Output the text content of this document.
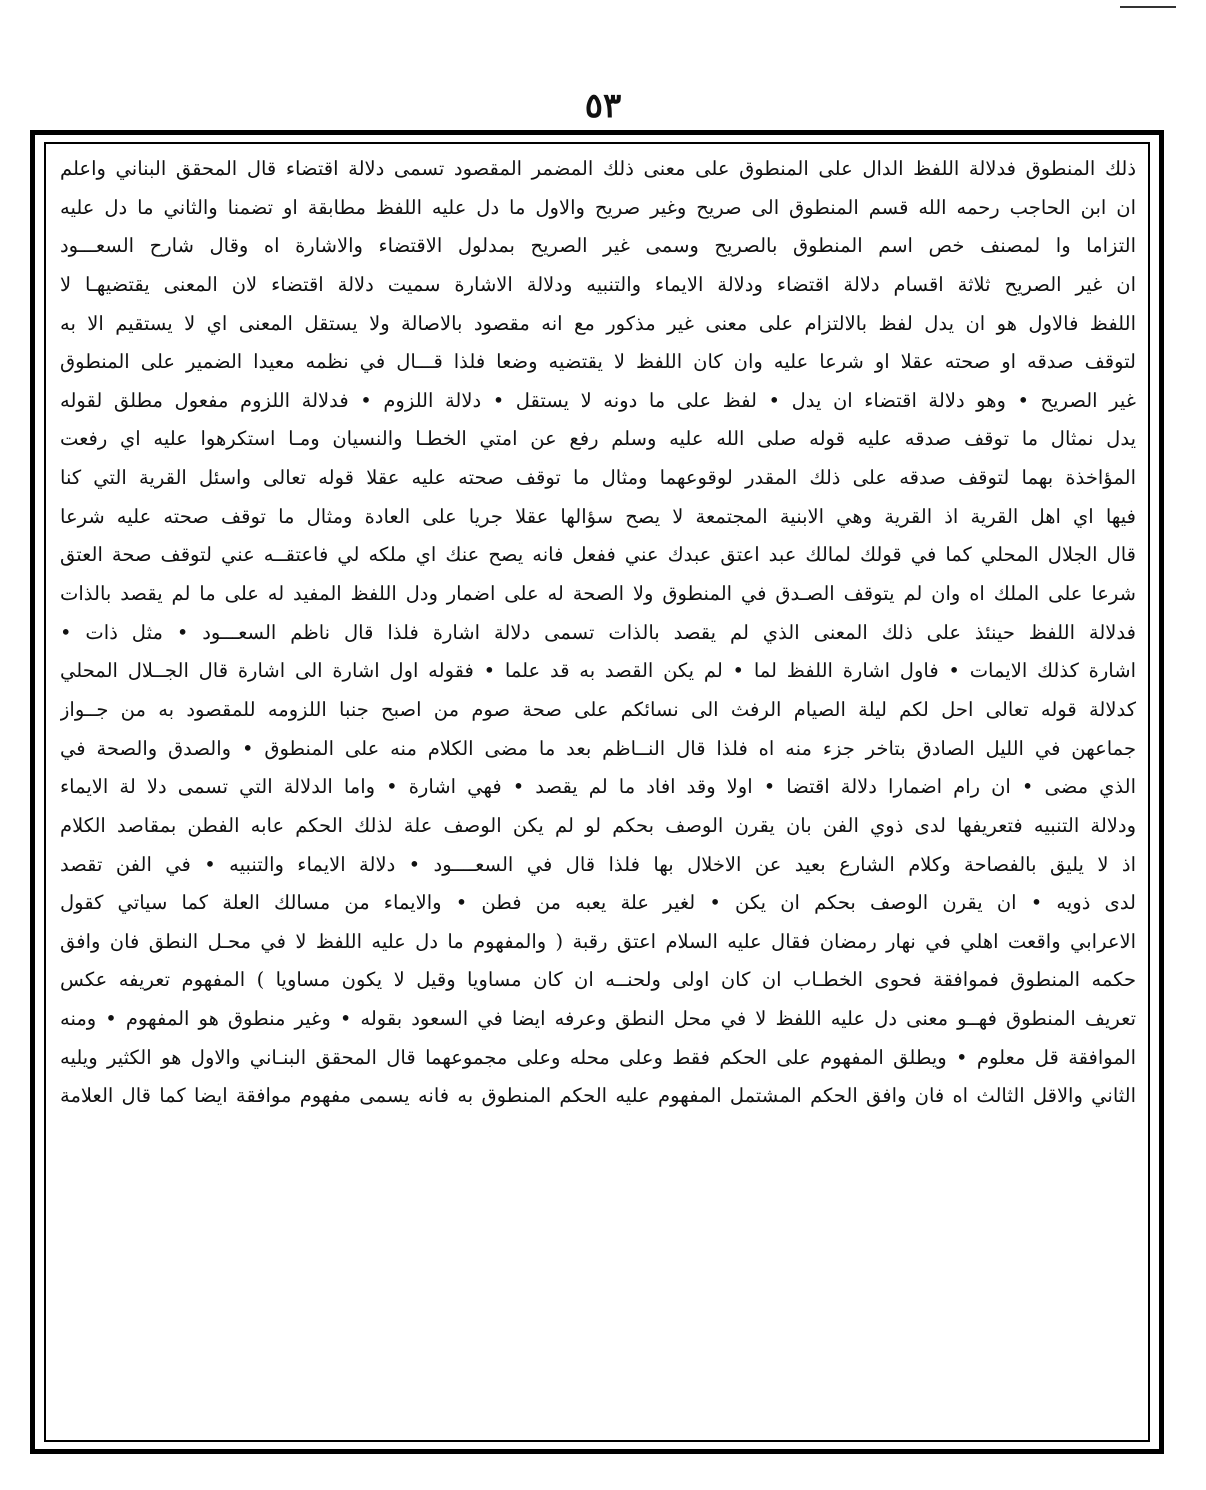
٥٣
ذلك المنطوق فدلالة اللفظ الدال على المنطوق على معنى ذلك المضمر المقصود تسمى دلالة اقتضاء قال المحقق البناني واعلم
ان ابن الحاجب رحمه الله قسم المنطوق الى صريح وغير صريح والاول ما دل عليه اللفظ مطابقة او تضمنا والثاني ما دل عليه
التزاما وا لمصنف خص اسم المنطوق بالصريح وسمى غير الصريح بمدلول الاقتضاء والاشارة اه وقال شارح السعـــود
ان غير الصريح ثلاثة اقسام دلالة اقتضاء ودلالة الايماء والتنبيه ودلالة الاشارة سميت دلالة اقتضاء لان المعنى يقتضيهـا لا
اللفظ فالاول هو ان يدل لفظ بالالتزام على معنى غير مذكور مع انه مقصود بالاصالة ولا يستقل المعنى اي لا يستقيم الا به
لتوقف صدقه او صحته عقلا او شرعا عليه وان كان اللفظ لا يقتضيه وضعا فلذا قـــال في نظمه معيدا الضمير على المنطوق
غير الصريح • وهو دلالة اقتضاء ان يدل • لفظ على ما دونه لا يستقل • دلالة اللزوم • فدلالة اللزوم مفعول مطلق لقوله
يدل نمثال ما توقف صدقه عليه قوله صلى الله عليه وسلم رفع عن امتي الخطـا والنسيان ومـا استكرهوا عليه اي رفعت
المؤاخذة بهما لتوقف صدقه على ذلك المقدر لوقوعهما ومثال ما توقف صحته عليه عقلا قوله تعالى واسئل القرية التي كنا
فيها اي اهل القرية اذ القرية وهي الابنية المجتمعة لا يصح سؤالها عقلا جريا على العادة ومثال ما توقف صحته عليه شرعا
قال الجلال المحلي كما في قولك لمالك عبد اعتق عبدك عني ففعل فانه يصح عنك اي ملكه لي فاعتقــه عني لتوقف صحة العتق
شرعا على الملك اه وان لم يتوقف الصـدق في المنطوق ولا الصحة له على اضمار ودل اللفظ المفيد له على ما لم يقصد بالذات
فدلالة اللفظ حينئذ على ذلك المعنى الذي لم يقصد بالذات تسمى دلالة اشارة فلذا قال ناظم السعـــود • مثل ذات •
اشارة كذلك الايمات • فاول اشارة اللفظ لما • لم يكن القصد به قد علما • فقوله اول اشارة الى اشارة قال الجــلال المحلي
كدلالة قوله تعالى احل لكم ليلة الصيام الرفث الى نسائكم على صحة صوم من اصبح جنبا اللزومه للمقصود به من جــواز
جماعهن في الليل الصادق بتاخر جزء منه اه فلذا قال النــاظم بعد ما مضى الكلام منه على المنطوق • والصدق والصحة في
الذي مضى • ان رام اضمارا دلالة اقتضا • اولا وقد افاد ما لم يقصد • فهي اشارة • واما الدلالة التي تسمى دلا لة الايماء
ودلالة التنبيه فتعريفها لدى ذوي الفن بان يقرن الوصف بحكم لو لم يكن الوصف علة لذلك الحكم عابه الفطن بمقاصد الكلام
اذ لا يليق بالفصاحة وكلام الشارع بعيد عن الاخلال بها فلذا قال في السعــــود • دلالة الايماء والتنبيه • في الفن تقصد
لدى ذويه • ان يقرن الوصف بحكم ان يكن • لغير علة يعبه من فطن • والايماء من مسالك العلة كما سياتي كقول
الاعرابي واقعت اهلي في نهار رمضان فقال عليه السلام اعتق رقبة ( والمفهوم ما دل عليه اللفظ لا في محـل النطق فان وافق
حكمه المنطوق فموافقة فحوى الخطـاب ان كان اولى ولحنــه ان كان مساويا وقيل لا يكون مساويا ) المفهوم تعريفه عكس
تعريف المنطوق فهــو معنى دل عليه اللفظ لا في محل النطق وعرفه ايضا في السعود بقوله • وغير منطوق هو المفهوم • ومنه
الموافقة قل معلوم • ويطلق المفهوم على الحكم فقط وعلى محله وعلى مجموعهما قال المحقق البنـاني والاول هو الكثير ويليه
الثاني والاقل الثالث اه فان وافق الحكم المشتمل المفهوم عليه الحكم المنطوق به فانه يسمى مفهوم موافقة ايضا كما قال العلامة
